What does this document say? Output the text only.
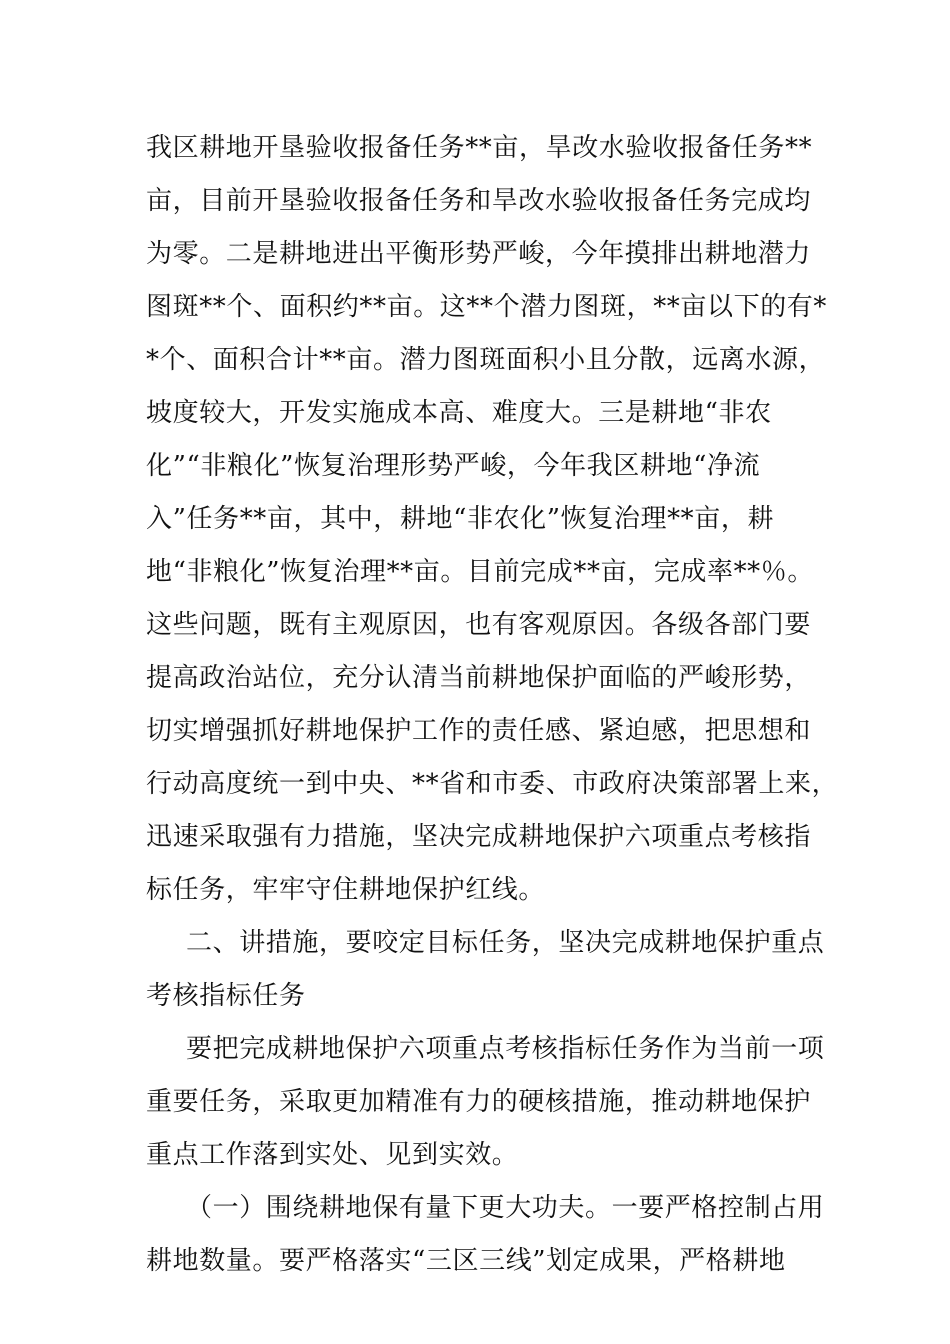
我区耕地开垦验收报备任务**亩，旱改水验收报备任务**
亩，目前开垦验收报备任务和旱改水验收报备任务完成均
为零。二是耕地进出平衡形势严峻，今年摸排出耕地潜力
图斑**个、面积约**亩。这**个潜力图斑，**亩以下的有*
*个、面积合计**亩。潜力图斑面积小且分散，远离水源，
坡度较大，开发实施成本高、难度大。三是耕地“非农
化”“非粮化”恢复治理形势严峻，今年我区耕地“净流
入”任务**亩，其中，耕地“非农化”恢复治理**亩，耕
地“非粮化”恢复治理**亩。目前完成**亩，完成率**％。
这些问题，既有主观原因，也有客观原因。各级各部门要
提高政治站位，充分认清当前耕地保护面临的严峻形势，
切实增强抓好耕地保护工作的责任感、紧迫感，把思想和
行动高度统一到中央、**省和市委、市政府决策部署上来，
迅速采取强有力措施，坚决完成耕地保护六项重点考核指
标任务，牢牢守住耕地保护红线。
二、讲措施，要咬定目标任务，坚决完成耕地保护重点
考核指标任务
要把完成耕地保护六项重点考核指标任务作为当前一项
重要任务，采取更加精准有力的硬核措施，推动耕地保护
重点工作落到实处、见到实效。
（一）围绕耕地保有量下更大功夫。一要严格控制占用
耕地数量。要严格落实“三区三线”划定成果，严格耕地
